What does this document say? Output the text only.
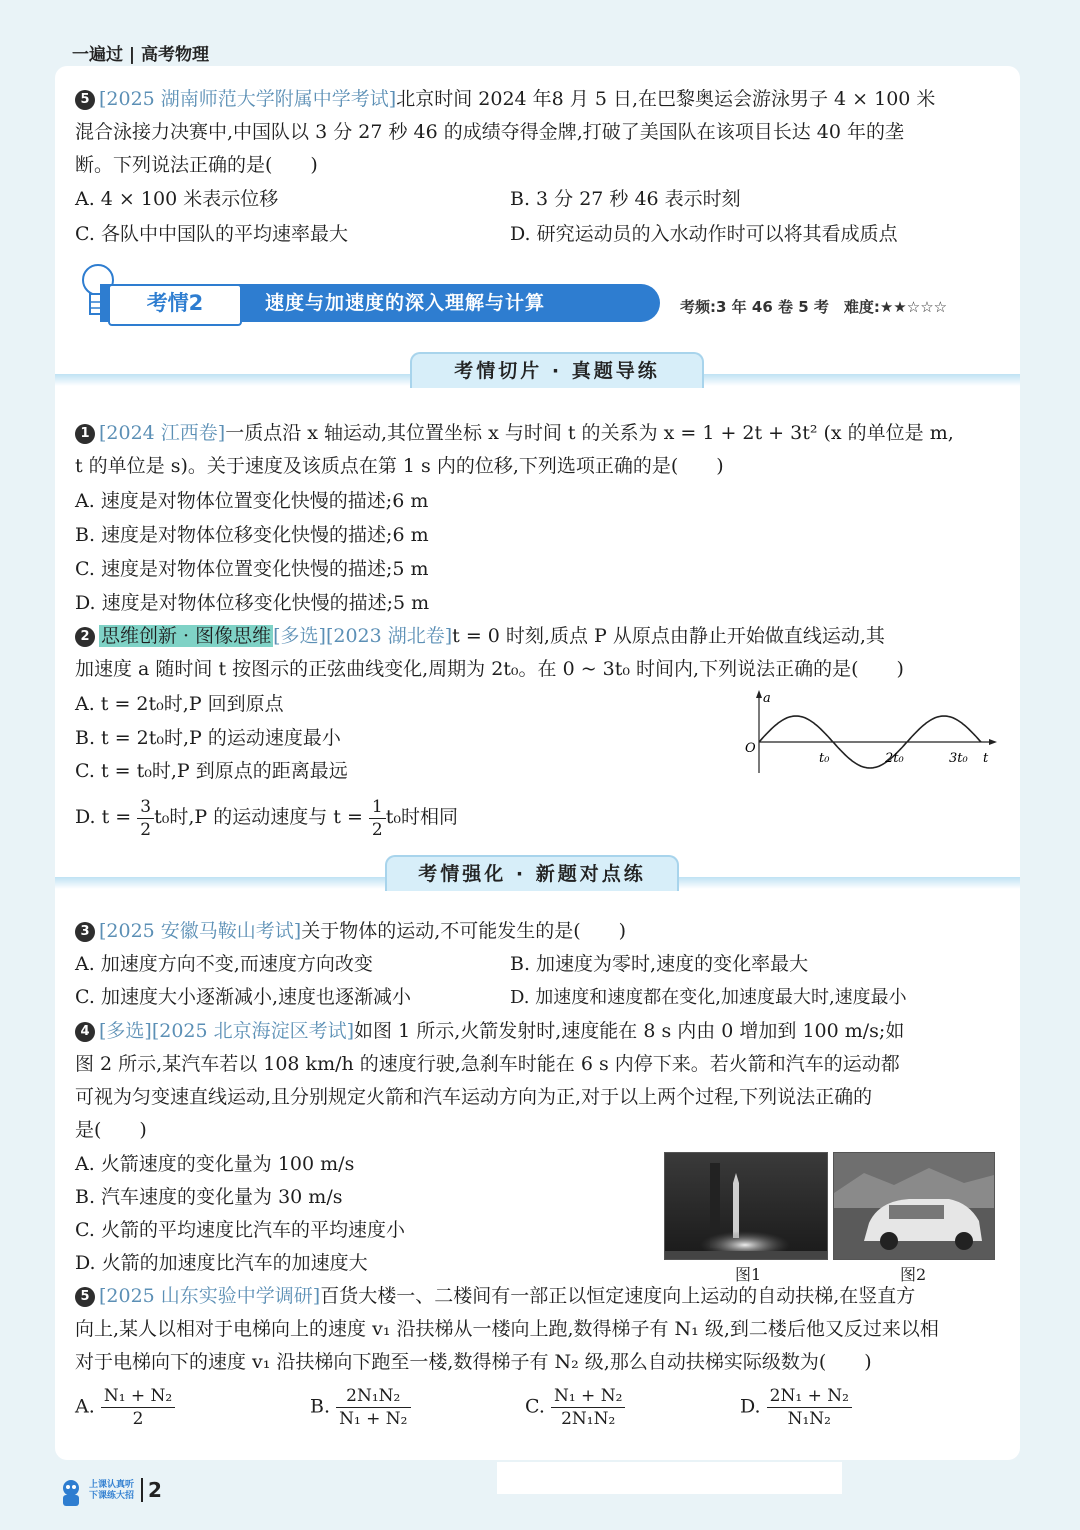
一遍过 | 高考物理
5 [2025 湖南师范大学附属中学考试]北京时间 2024 年8 月 5 日,在巴黎奥运会游泳男子 4 × 100 米
混合泳接力决赛中,中国队以 3 分 27 秒 46 的成绩夺得金牌,打破了美国队在该项目长达 40 年的垄
断。下列说法正确的是(　　)
A. 4 × 100 米表示位移	B. 3 分 27 秒 46 表示时刻
C. 各队中中国队的平均速率最大	D. 研究运动员的入水动作时可以将其看成质点
考情2	速度与加速度的深入理解与计算	考频:3 年 46 卷 5 考　难度:★★☆☆☆
考情切片 · 真题导练
1 [2024 江西卷]一质点沿 x 轴运动,其位置坐标 x 与时间 t 的关系为 x = 1 + 2t + 3t² (x 的单位是 m,
t 的单位是 s)。关于速度及该质点在第 1 s 内的位移,下列选项正确的是(　　)
A. 速度是对物体位置变化快慢的描述;6 m
B. 速度是对物体位移变化快慢的描述;6 m
C. 速度是对物体位置变化快慢的描述;5 m
D. 速度是对物体位移变化快慢的描述;5 m
2 思维创新 · 图像思维 [多选][2023 湖北卷]t = 0 时刻,质点 P 从原点由静止开始做直线运动,其
加速度 a 随时间 t 按图示的正弦曲线变化,周期为 2t₀。在 0 ~ 3t₀ 时间内,下列说法正确的是(　　)
A. t = 2t₀时,P 回到原点
B. t = 2t₀时,P 的运动速度最小
C. t = t₀时,P 到原点的距离最远
D. $t = \frac{3}{2} t_0$时,P 的运动速度与 $t = \frac{1}{2} t_0$时相同
a
O
t
t₀	2t₀	3t₀
考情强化 · 新题对点练
3 [2025 安徽马鞍山考试]关于物体的运动,不可能发生的是(　　)
A. 加速度方向不变,而速度方向改变	B. 加速度为零时,速度的变化率最大
C. 加速度大小逐渐减小,速度也逐渐减小	D. 加速度和速度都在变化,加速度最大时,速度最小
4 [多选][2025 北京海淀区考试]如图 1 所示,火箭发射时,速度能在 8 s 内由 0 增加到 100 m/s;如
图 2 所示,某汽车若以 108 km/h 的速度行驶,急刹车时能在 6 s 内停下来。若火箭和汽车的运动都
可视为匀变速直线运动,且分别规定火箭和汽车运动方向为正,对于以上两个过程,下列说法正确的
是(　　)
A. 火箭速度的变化量为 100 m/s
B. 汽车速度的变化量为 30 m/s
C. 火箭的平均速度比汽车的平均速度小
D. 火箭的加速度比汽车的加速度大
图1	图2
5 [2025 山东实验中学调研]百货大楼一、二楼间有一部正以恒定速度向上运动的自动扶梯,在竖直方
向上,某人以相对于电梯向上的速度 v₁ 沿扶梯从一楼向上跑,数得梯子有 N₁ 级,到二楼后他又反过来以相
对于电梯向下的速度 v₁ 沿扶梯向下跑至一楼,数得梯子有 N₂ 级,那么自动扶梯实际级数为(　　)
A. $\frac{\text{N₁ + N₂}}{2}$	B. $\frac{\text{2N₁N₂}}{\text{N₁ + N₂}}$	C. $\frac{\text{N₁ + N₂}}{\text{2N₁N₂}}$	D. $\frac{\text{2N₁ + N₂}}{\text{N₁N₂}}$
上课认真听
下课练大招 2
